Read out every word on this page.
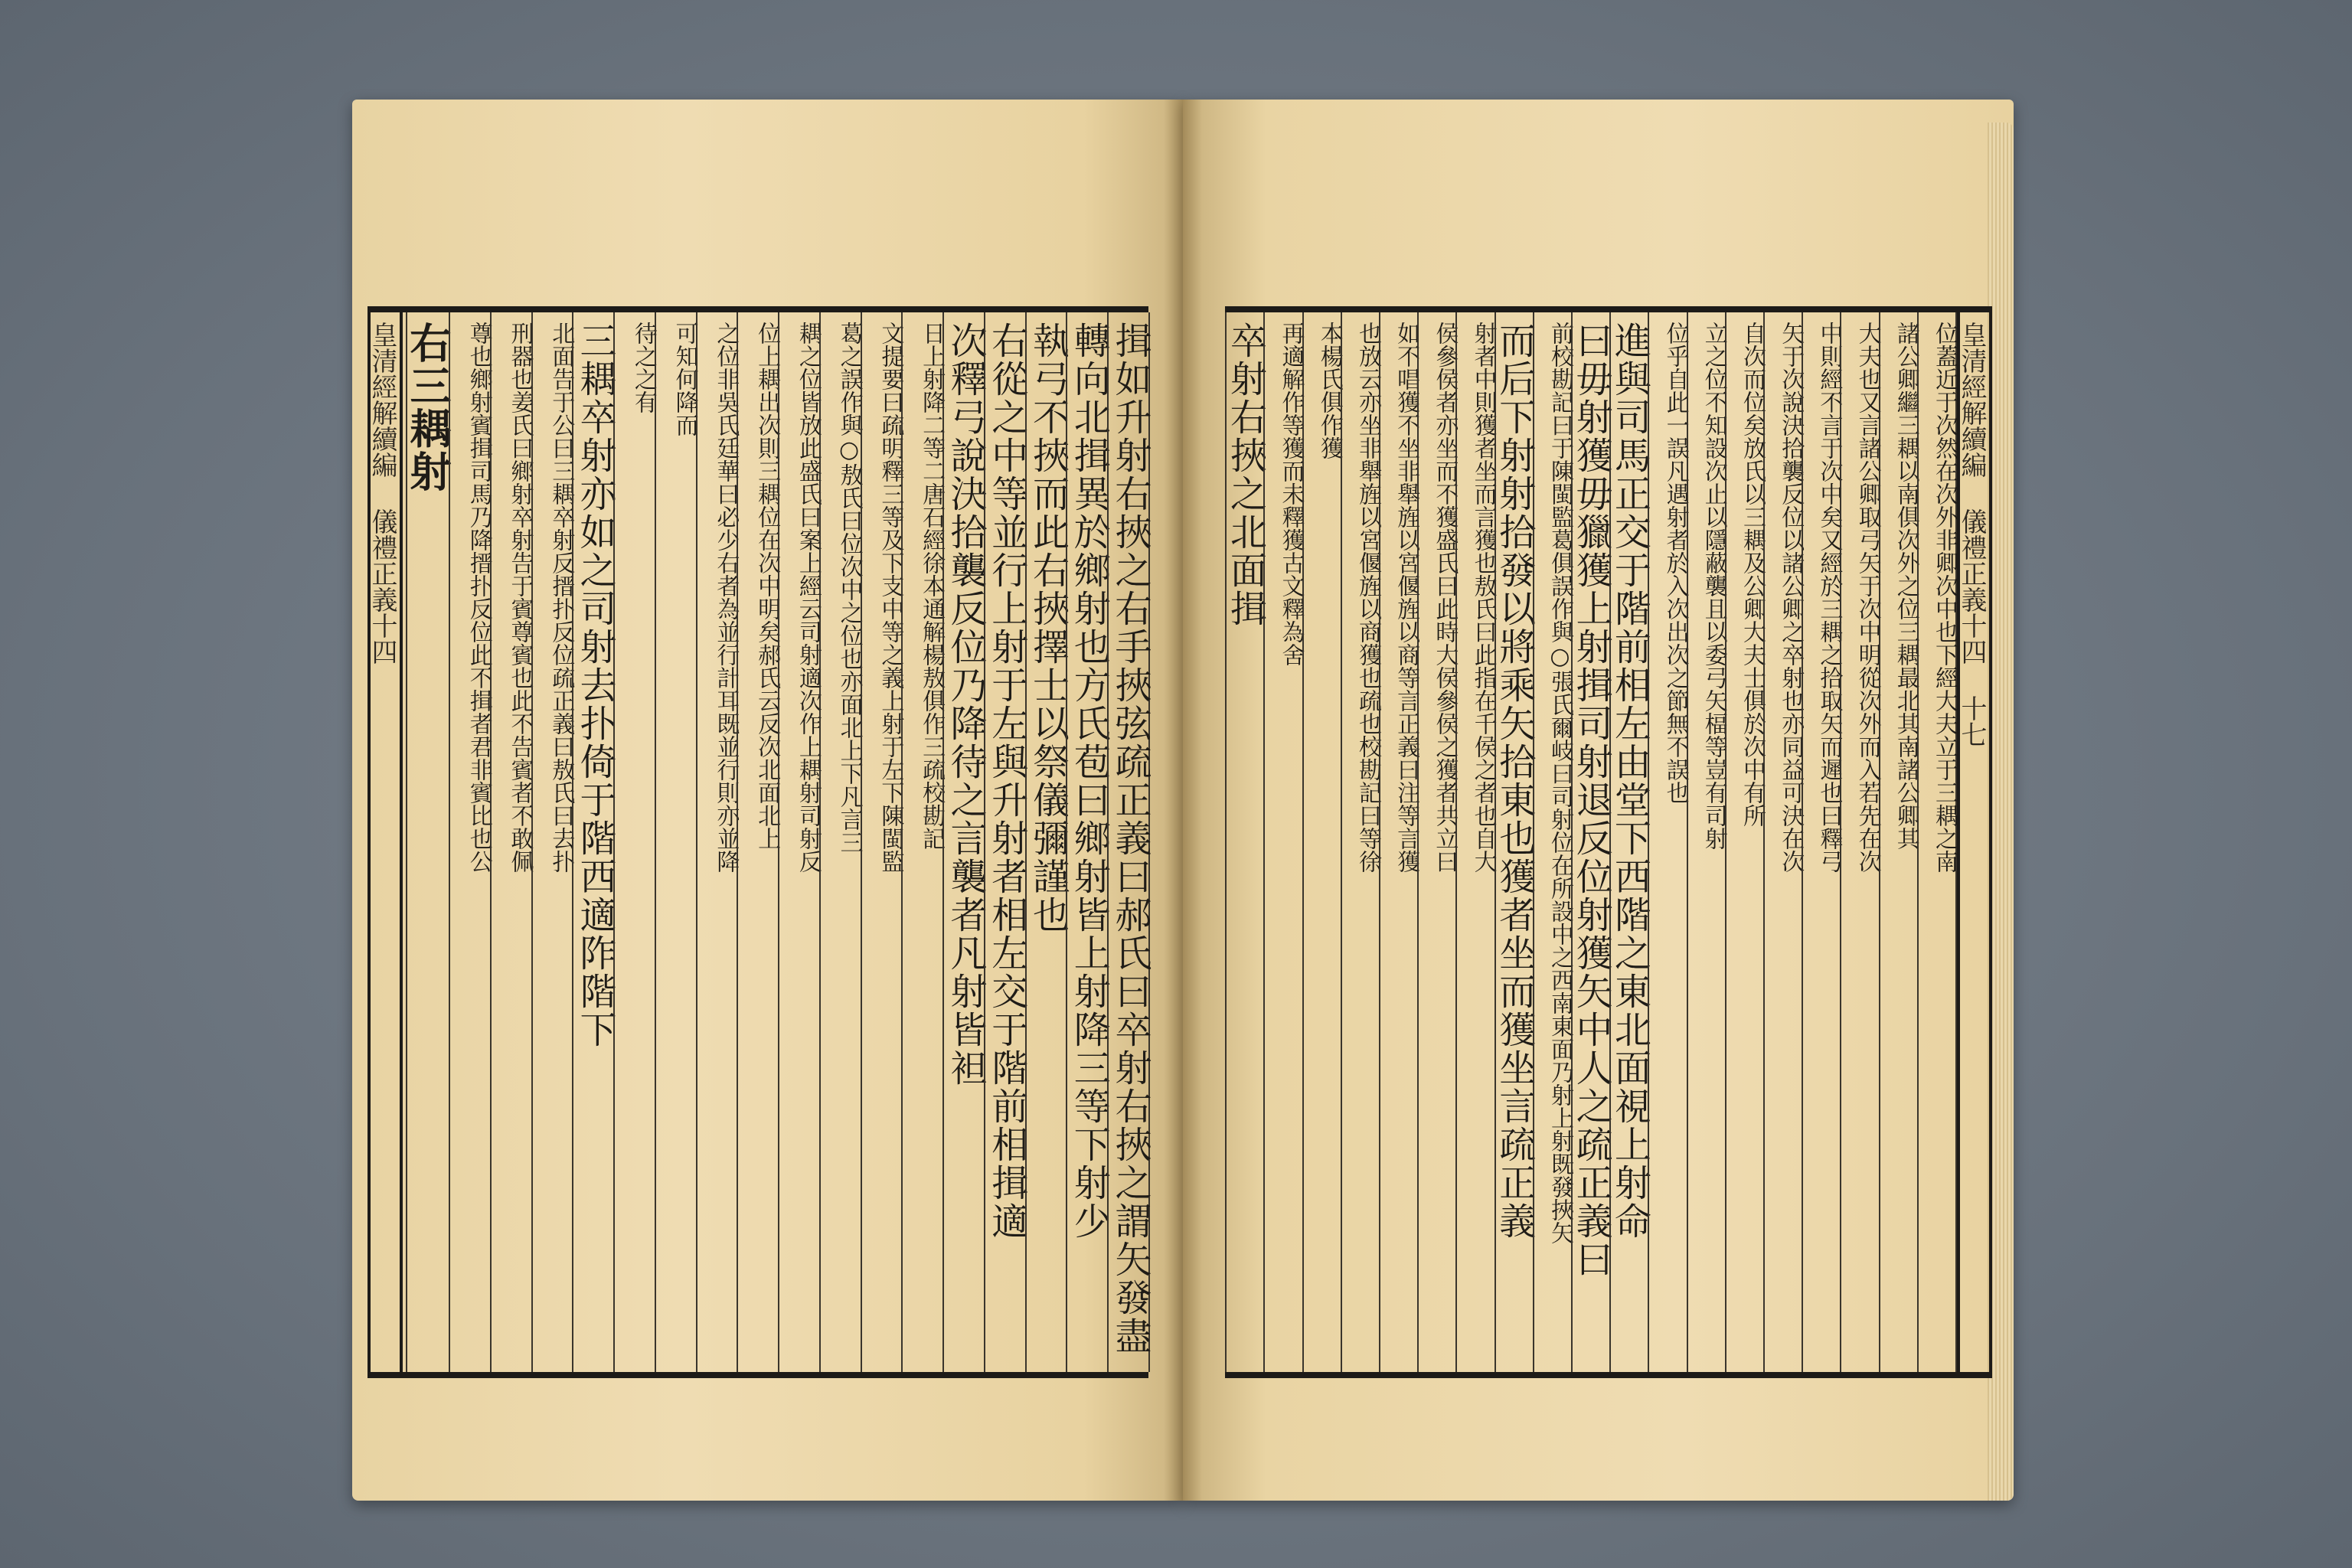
揖如升射右挾之右手挾弦疏正義曰郝氏曰卒射右挾之謂矢發盡
轉向北揖異於鄉射也方氏苞曰鄉射皆上射降三等下射少
執弓不挾而此右挾擇士以祭儀彌謹也
右從之中等並行上射于左與升射者相左交于階前相揖適
次釋弓說決拾襲反位乃降待之言襲者凡射皆袒
日上射降二等二唐石經徐本通解楊敖俱作三疏校勘記
文提要曰疏明釋三等及下支中等之義上射于左下陳閩監
葛之誤作與○敖氏曰位次中之位也亦面北上下凡言三
耦之位皆放此盛氏曰案上經云司射適次作上耦射司射反
位上耦出次則三耦位在次中明矣郝氏云反次北面北上
之位非吳氏廷華曰必少右者為並行計耳既並行則亦並降
可知何降而
待之之有
三耦卒射亦如之司射去扑倚于階西適阼階下
北面告于公曰三耦卒射反搢扑反位疏正義曰敖氏曰去扑
刑器也姜氏曰鄉射卒射告于賓尊賓也此不告賓者不敢佩
尊也鄉射賓揖司馬乃降搢扑反位此不揖者君非賓比也公
右三耦射
皇清經解續編 儀禮正義十四	位蓋近于次然在次外非卿次中也下經大夫立于三耦之南
諸公卿繼三耦以南俱次外之位三耦最北其南諸公卿其
大夫也又言諸公卿取弓矢于次中明從次外而入若先在次
中則經不言于次中矣又經於三耦之拾取矢而遲也曰釋弓
矢于次說決拾襲反位以諸公卿之卒射也亦同益可決在次
自次而位矣放氏以三耦及公卿大夫士俱於次中有所
立之位不知設次止以隱蔽襲且以委弓矢楅等豈有司射
位乎自此一誤凡遇射者於入次出次之節無不誤也
進與司馬正交于階前相左由堂下西階之東北面視上射命
曰毋射獲毋獵獲上射揖司射退反位射獲矢中人之疏正義曰
前校勘記曰于陳閩監葛俱誤作與○張氏爾岐曰司射位在所設中之西南東面乃射上射既發挾矢
而后下射射拾發以將乘矢拾東也獲者坐而獲坐言疏正義
射者中則獲者坐而言獲也敖氏曰此指在千侯之者也自大
侯參侯者亦坐而不獲盛氏曰此時大侯參侯之獲者共立曰
如不唱獲不坐非舉旌以宮偃旌以商等言正義曰注等言獲
也放云亦坐非舉旌以宮偃旌以商獲也疏也校勘記曰等徐
本楊氏俱作獲
再適解作等獲而未釋獲古文釋為舍
卒射右挾之北面揖	皇清經解續編 儀禮正義十四 十七
